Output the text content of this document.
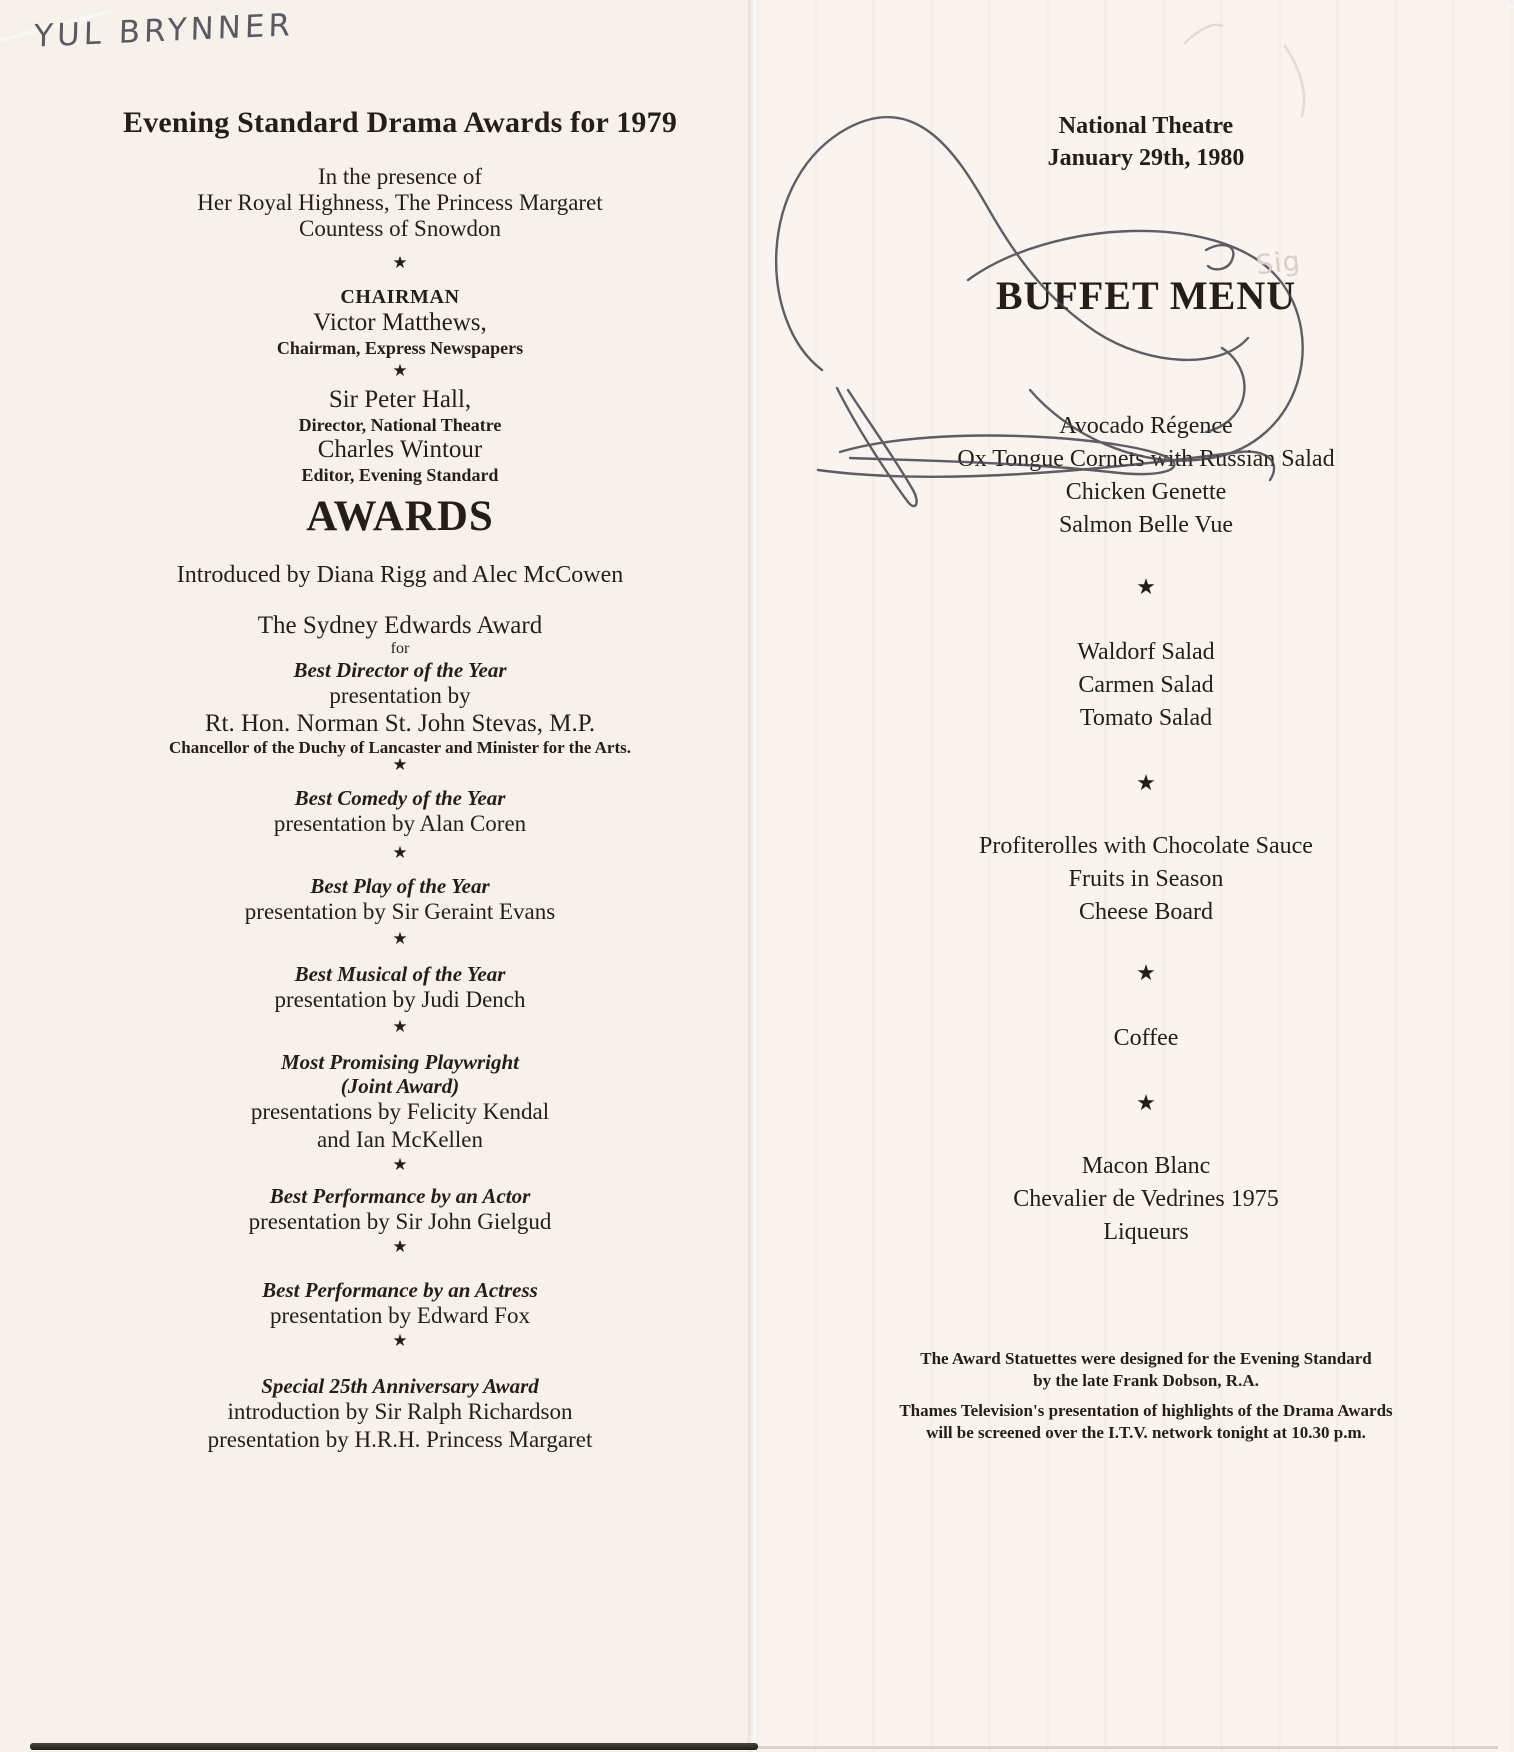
YUL BRYNNER
Evening Standard Drama Awards for 1979
In the presence of
Her Royal Highness, The Princess Margaret
Countess of Snowdon
★
CHAIRMAN
Victor Matthews,
Chairman, Express Newspapers
★
Sir Peter Hall,
Director, National Theatre
Charles Wintour
Editor, Evening Standard
AWARDS
Introduced by Diana Rigg and Alec McCowen
The Sydney Edwards Award
for
Best Director of the Year
presentation by
Rt. Hon. Norman St. John Stevas, M.P.
Chancellor of the Duchy of Lancaster and Minister for the Arts.
★
Best Comedy of the Year
presentation by Alan Coren
★
Best Play of the Year
presentation by Sir Geraint Evans
★
Best Musical of the Year
presentation by Judi Dench
★
Most Promising Playwright
(Joint Award)
presentations by Felicity Kendal
and Ian McKellen
★
Best Performance by an Actor
presentation by Sir John Gielgud
★
Best Performance by an Actress
presentation by Edward Fox
★
Special 25th Anniversary Award
introduction by Sir Ralph Richardson
presentation by H.R.H. Princess Margaret
National Theatre
January 29th, 1980
BUFFET MENU
Avocado Régence
Ox Tongue Cornets with Russian Salad
Chicken Genette
Salmon Belle Vue
★
Waldorf Salad
Carmen Salad
Tomato Salad
★
Profiterolles with Chocolate Sauce
Fruits in Season
Cheese Board
★
Coffee
★
Macon Blanc
Chevalier de Vedrines 1975
Liqueurs
The Award Statuettes were designed for the Evening Standard
by the late Frank Dobson, R.A.
Thames Television's presentation of highlights of the Drama Awards
will be screened over the I.T.V. network tonight at 10.30 p.m.
Sig
